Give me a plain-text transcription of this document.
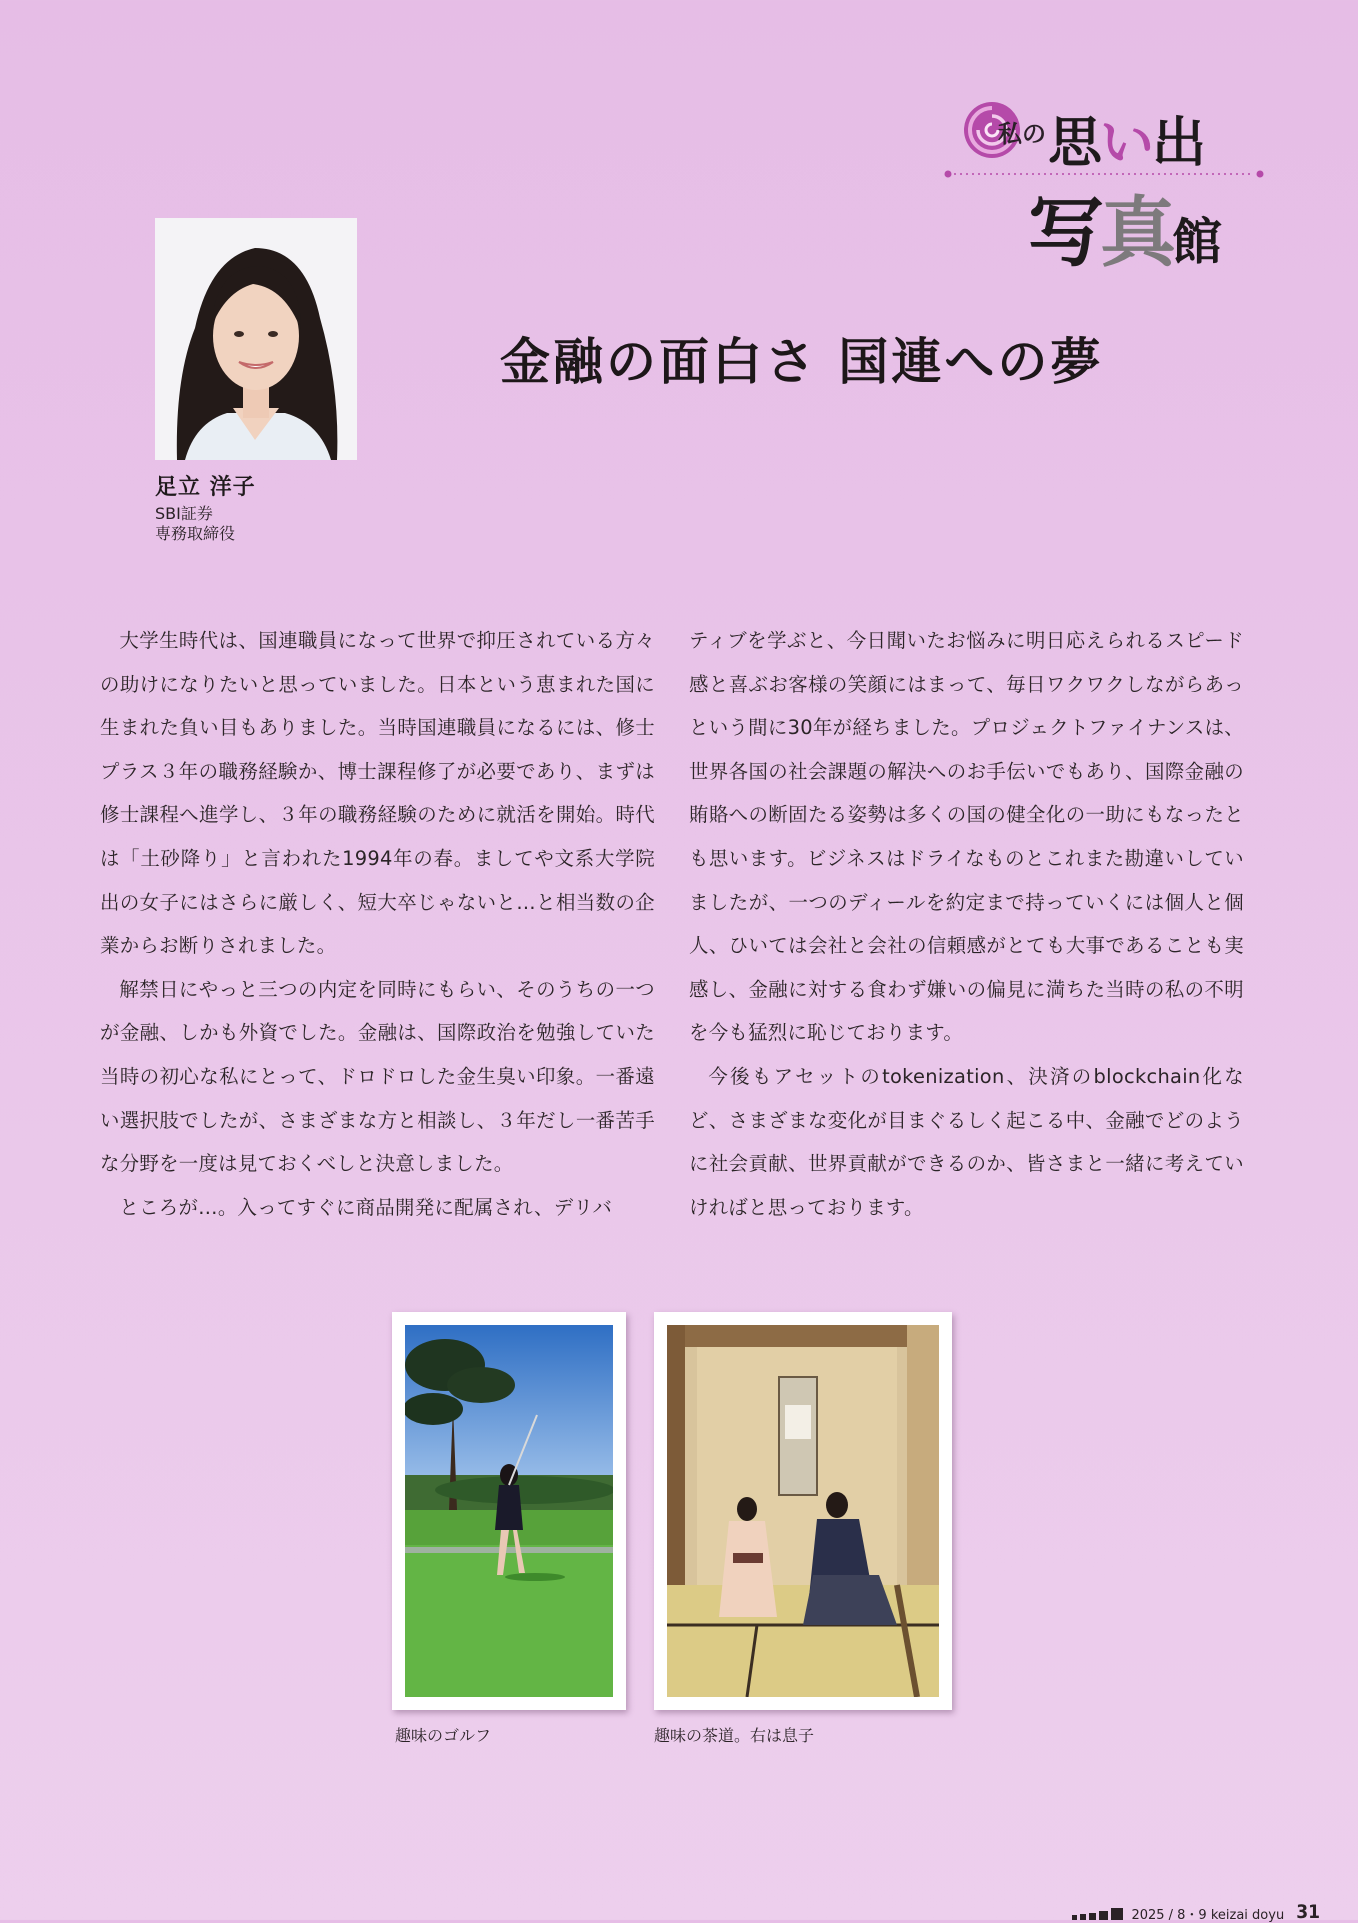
私の 思い出
写真館
足立 洋子
SBI証券
専務取締役
金融の面白さ 国連への夢

大学生時代は、国連職員になって世界で抑圧されている方々の助けになりたいと思っていました。日本という恵まれた国に生まれた負い目もありました。当時国連職員になるには、修士プラス３年の職務経験か、博士課程修了が必要であり、まずは修士課程へ進学し、３年の職務経験のために就活を開始。時代は「土砂降り」と言われた1994年の春。ましてや文系大学院出の女子にはさらに厳しく、短大卒じゃないと…と相当数の企業からお断りされました。

解禁日にやっと三つの内定を同時にもらい、そのうちの一つが金融、しかも外資でした。金融は、国際政治を勉強していた当時の初心な私にとって、ドロドロした金生臭い印象。一番遠い選択肢でしたが、さまざまな方と相談し、３年だし一番苦手な分野を一度は見ておくべしと決意しました。

ところが…。入ってすぐに商品開発に配属され、デリバ

ティブを学ぶと、今日聞いたお悩みに明日応えられるスピード感と喜ぶお客様の笑顔にはまって、毎日ワクワクしながらあっという間に30年が経ちました。プロジェクトファイナンスは、世界各国の社会課題の解決へのお手伝いでもあり、国際金融の賄賂への断固たる姿勢は多くの国の健全化の一助にもなったとも思います。ビジネスはドライなものとこれまた勘違いしていましたが、一つのディールを約定まで持っていくには個人と個人、ひいては会社と会社の信頼感がとても大事であることも実感し、金融に対する食わず嫌いの偏見に満ちた当時の私の不明を今も猛烈に恥じております。

今後もアセットのtokenization、決済のblockchain化など、さまざまな変化が目まぐるしく起こる中、金融でどのように社会貢献、世界貢献ができるのか、皆さまと一緒に考えていければと思っております。

趣味のゴルフ	趣味の茶道。右は息子
2025 / 8・9 keizai doyu 31
